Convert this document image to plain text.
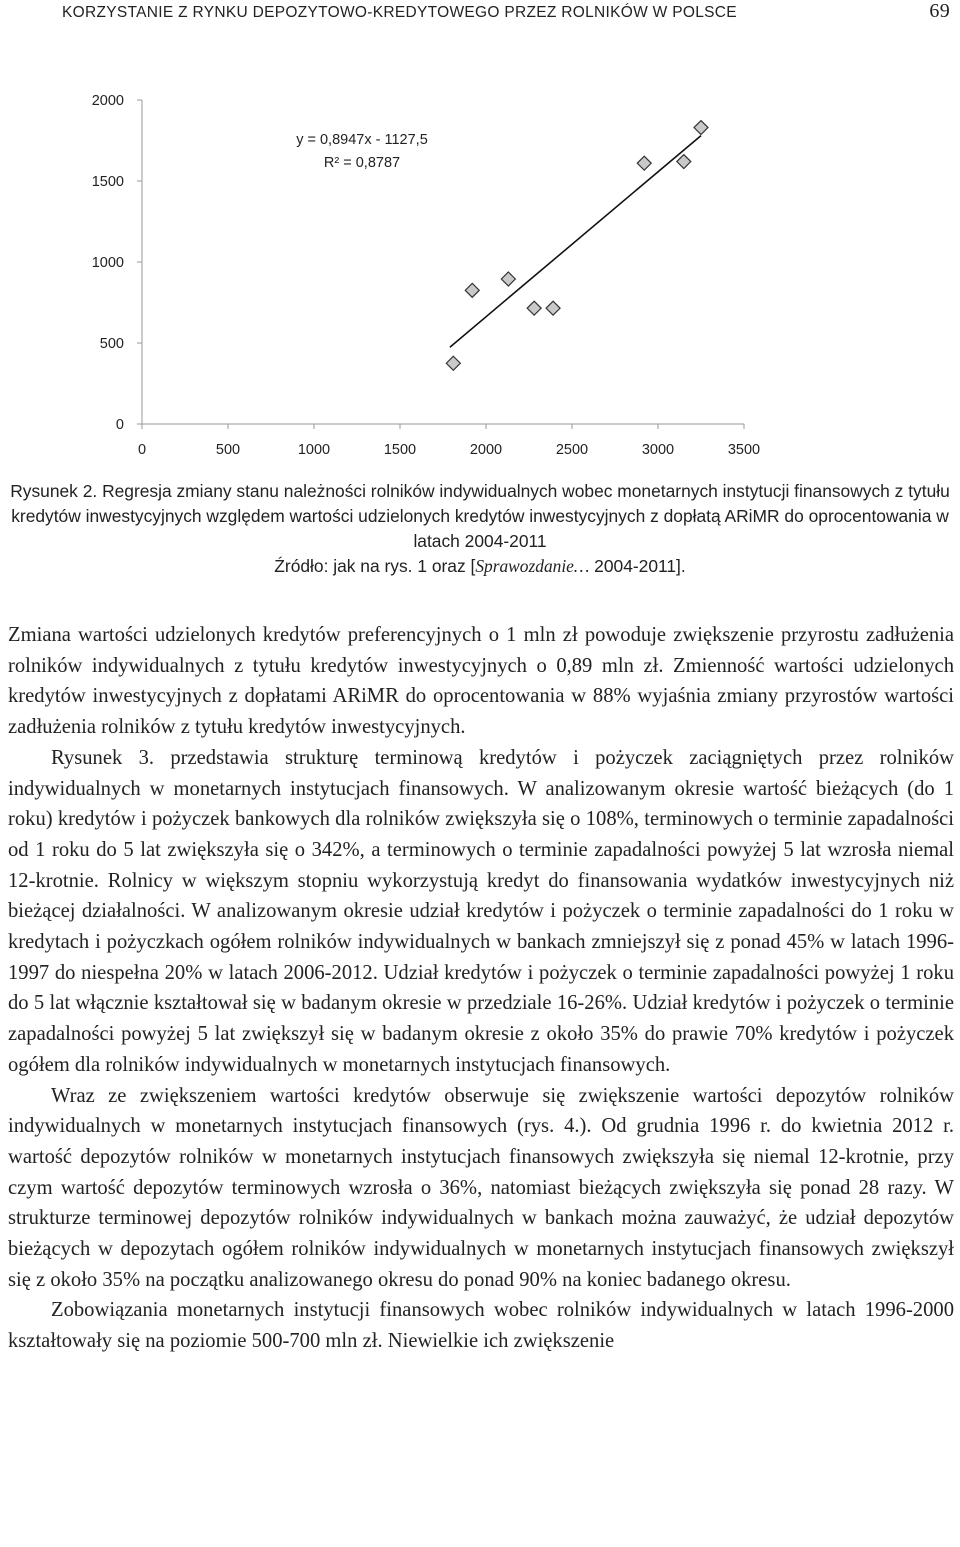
KORZYSTANIE Z RYNKU DEPOZYTOWO-KREDYTOWEGO PRZEZ ROLNIKÓW W POLSCE	69
0
500
1000
1500
2000
0	500	1000	1500	2000	2500	3000	3500
y = 0,8947x - 1127,5
R² = 0,8787
Rysunek 2. Regresja zmiany stanu należności rolników indywidualnych wobec monetarnych instytucji finansowych z tytułu kredytów inwestycyjnych względem wartości udzielonych kredytów inwestycyjnych z dopłatą ARiMR do oprocentowania w latach 2004-2011
Źródło: jak na rys. 1 oraz [Sprawozdanie… 2004-2011].

Zmiana wartości udzielonych kredytów preferencyjnych o 1 mln zł powoduje zwiększenie przyrostu zadłużenia rolników indywidualnych z tytułu kredytów inwestycyjnych o 0,89 mln zł. Zmienność wartości udzielonych kredytów inwestycyjnych z dopłatami ARiMR do oprocentowania w 88% wyjaśnia zmiany przyrostów wartości zadłużenia rolników z tytułu kredytów inwestycyjnych.

Rysunek 3. przedstawia strukturę terminową kredytów i pożyczek zaciągniętych przez rolników indywidualnych w monetarnych instytucjach finansowych. W analizowanym okresie wartość bieżących (do 1 roku) kredytów i pożyczek bankowych dla rolników zwiększyła się o 108%, terminowych o terminie zapadalności od 1 roku do 5 lat zwiększyła się o 342%, a terminowych o terminie zapadalności powyżej 5 lat wzrosła niemal 12-krotnie. Rolnicy w większym stopniu wykorzystują kredyt do finansowania wydatków inwestycyjnych niż bieżącej działalności. W analizowanym okresie udział kredytów i pożyczek o terminie zapadalności do 1 roku w kredytach i pożyczkach ogółem rolników indywidualnych w bankach zmniejszył się z ponad 45% w latach 1996-1997 do niespełna 20% w latach 2006-2012. Udział kredytów i pożyczek o terminie zapadalności powyżej 1 roku do 5 lat włącznie kształtował się w badanym okresie w przedziale 16-26%. Udział kredytów i pożyczek o terminie zapadalności powyżej 5 lat zwiększył się w badanym okresie z około 35% do prawie 70% kredytów i pożyczek ogółem dla rolników indywidualnych w monetarnych instytucjach finansowych.

Wraz ze zwiększeniem wartości kredytów obserwuje się zwiększenie wartości depozytów rolników indywidualnych w monetarnych instytucjach finansowych (rys. 4.). Od grudnia 1996 r. do kwietnia 2012 r. wartość depozytów rolników w monetarnych instytucjach finansowych zwiększyła się niemal 12-krotnie, przy czym wartość depozytów terminowych wzrosła o 36%, natomiast bieżących zwiększyła się ponad 28 razy. W strukturze terminowej depozytów rolników indywidualnych w bankach można zauważyć, że udział depozytów bieżących w depozytach ogółem rolników indywidualnych w monetarnych instytucjach finansowych zwiększył się z około 35% na początku analizowanego okresu do ponad 90% na koniec badanego okresu.

Zobowiązania monetarnych instytucji finansowych wobec rolników indywidualnych w latach 1996-2000 kształtowały się na poziomie 500-700 mln zł. Niewielkie ich zwiększenie
